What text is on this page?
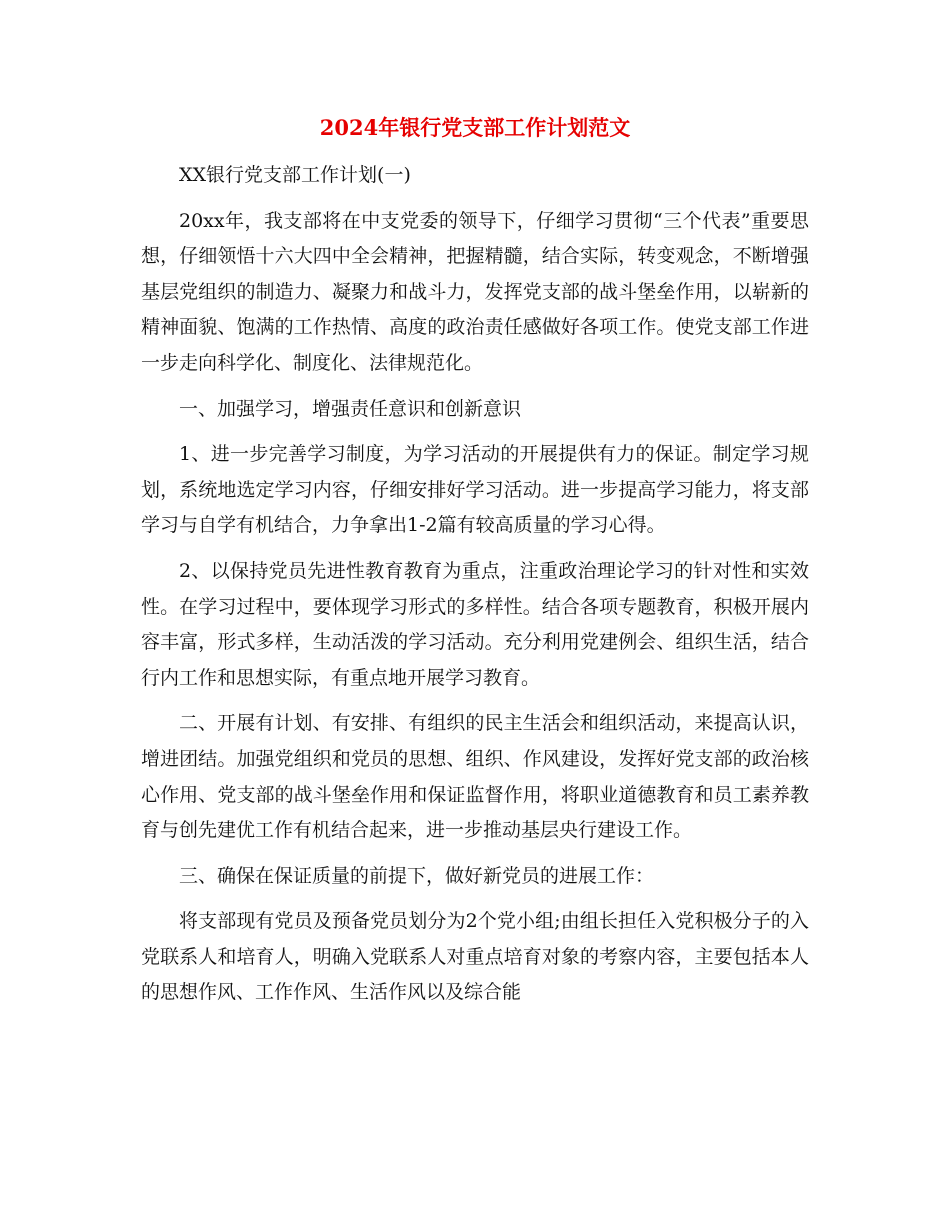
2024年银行党支部工作计划范文

XX银行党支部工作计划(一)

20xx年，我支部将在中支党委的领导下，仔细学习贯彻“三个代表”重要思想，仔细领悟十六大四中全会精神，把握精髓，结合实际，转变观念，不断增强基层党组织的制造力、凝聚力和战斗力，发挥党支部的战斗堡垒作用，以崭新的精神面貌、饱满的工作热情、高度的政治责任感做好各项工作。使党支部工作进一步走向科学化、制度化、法律规范化。

一、加强学习，增强责任意识和创新意识

1、进一步完善学习制度，为学习活动的开展提供有力的保证。制定学习规划，系统地选定学习内容，仔细安排好学习活动。进一步提高学习能力，将支部学习与自学有机结合，力争拿出1-2篇有较高质量的学习心得。

2、以保持党员先进性教育教育为重点，注重政治理论学习的针对性和实效性。在学习过程中，要体现学习形式的多样性。结合各项专题教育，积极开展内容丰富，形式多样，生动活泼的学习活动。充分利用党建例会、组织生活，结合行内工作和思想实际，有重点地开展学习教育。

二、开展有计划、有安排、有组织的民主生活会和组织活动，来提高认识，增进团结。加强党组织和党员的思想、组织、作风建设，发挥好党支部的政治核心作用、党支部的战斗堡垒作用和保证监督作用，将职业道德教育和员工素养教育与创先建优工作有机结合起来，进一步推动基层央行建设工作。

三、确保在保证质量的前提下，做好新党员的进展工作：

将支部现有党员及预备党员划分为2个党小组;由组长担任入党积极分子的入党联系人和培育人，明确入党联系人对重点培育对象的考察内容，主要包括本人的思想作风、工作作风、生活作风以及综合能
